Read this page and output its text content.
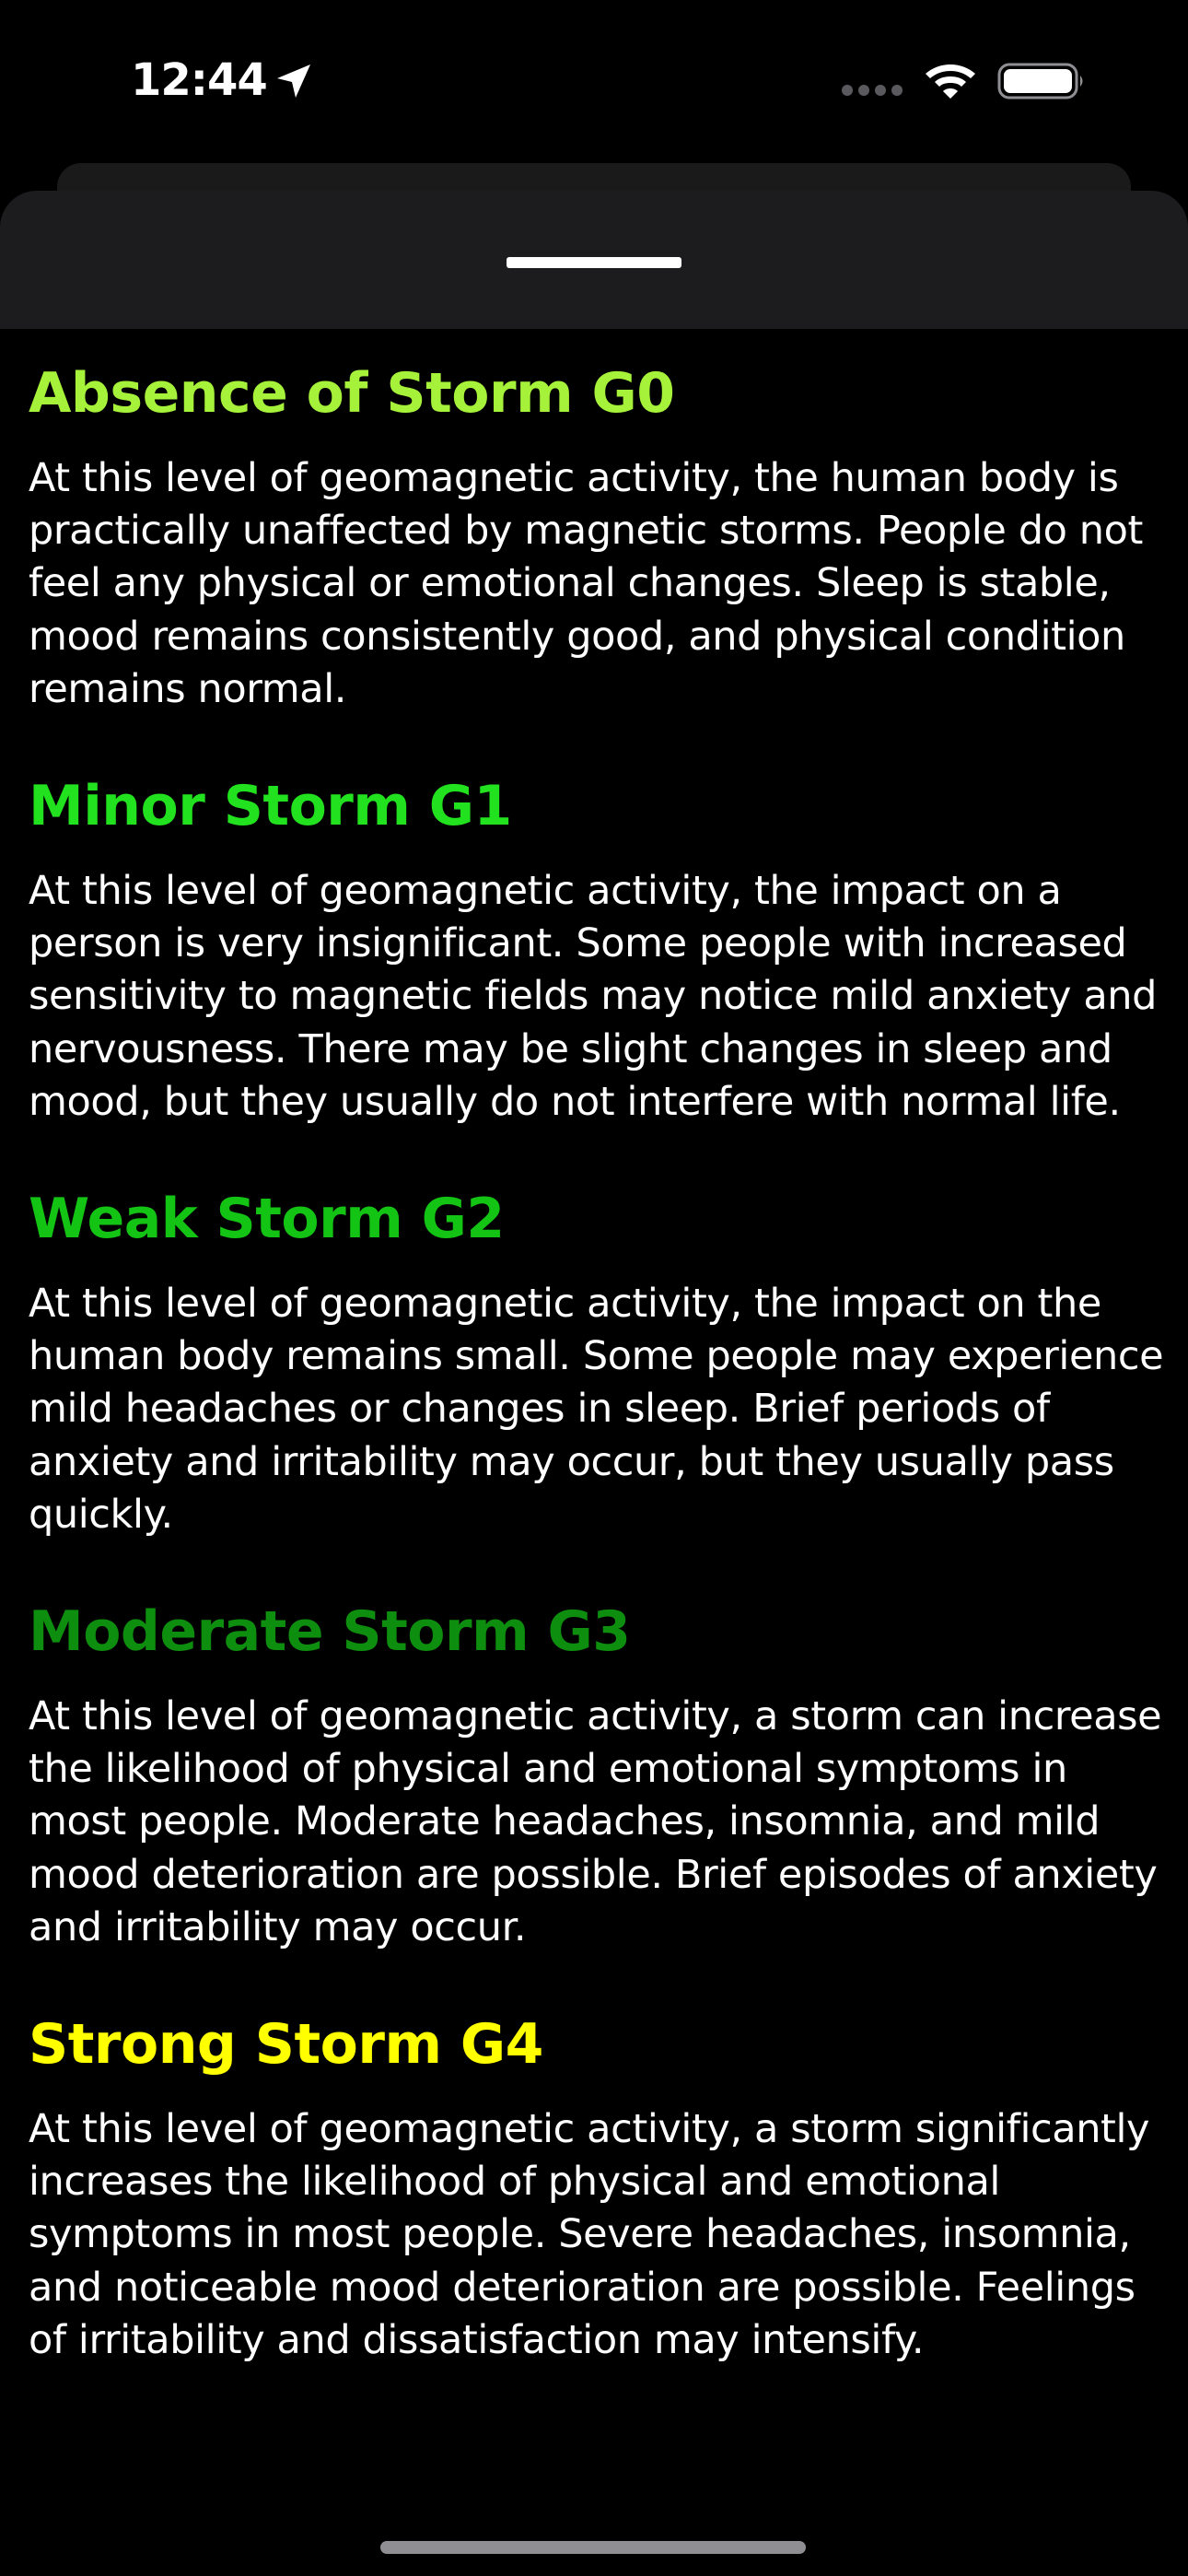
12:44
Absence of Storm G0

At this level of geomagnetic activity, the human body is practically unaffected by magnetic storms. People do not feel any physical or emotional changes. Sleep is stable, mood remains consistently good, and physical condition remains normal.

Minor Storm G1

At this level of geomagnetic activity, the impact on a person is very insignificant. Some people with increased sensitivity to magnetic fields may notice mild anxiety and nervousness. There may be slight changes in sleep and mood, but they usually do not interfere with normal life.

Weak Storm G2

At this level of geomagnetic activity, the impact on the human body remains small. Some people may experience mild headaches or changes in sleep. Brief periods of anxiety and irritability may occur, but they usually pass quickly.

Moderate Storm G3

At this level of geomagnetic activity, a storm can increase the likelihood of physical and emotional symptoms in most people. Moderate headaches, insomnia, and mild mood deterioration are possible. Brief episodes of anxiety and irritability may occur.

Strong Storm G4

At this level of geomagnetic activity, a storm significantly increases the likelihood of physical and emotional symptoms in most people. Severe headaches, insomnia, and noticeable mood deterioration are possible. Feelings of irritability and dissatisfaction may intensify.
